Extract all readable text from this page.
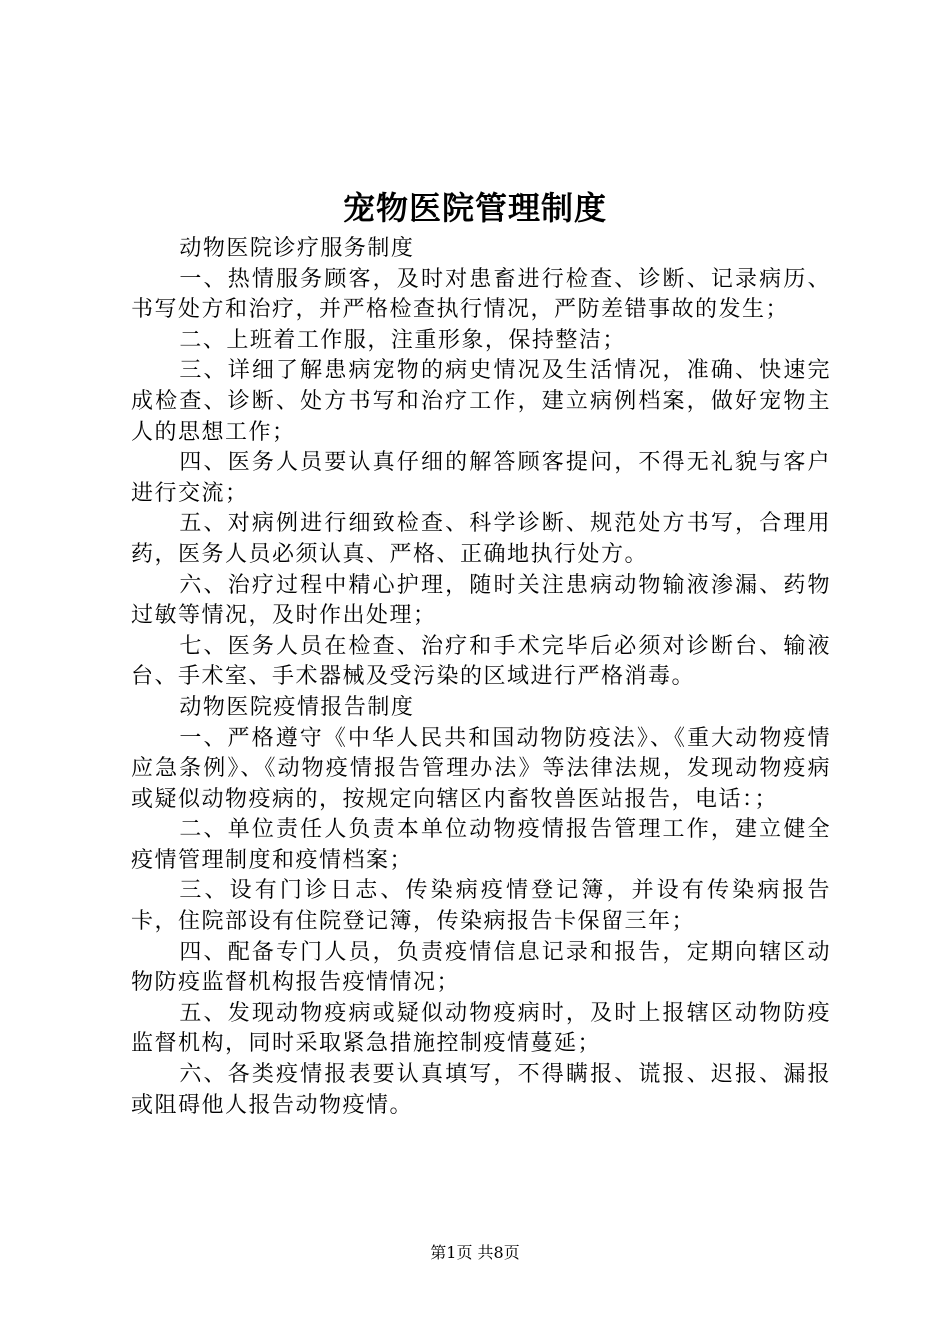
宠物医院管理制度

动物医院诊疗服务制度

一、热情服务顾客，及时对患畜进行检查、诊断、记录病历、书写处方和治疗，并严格检查执行情况，严防差错事故的发生；

二、上班着工作服，注重形象，保持整洁；

三、详细了解患病宠物的病史情况及生活情况，准确、快速完成检查、诊断、处方书写和治疗工作，建立病例档案，做好宠物主人的思想工作；

四、医务人员要认真仔细的解答顾客提问，不得无礼貌与客户进行交流；

五、对病例进行细致检查、科学诊断、规范处方书写，合理用药，医务人员必须认真、严格、正确地执行处方。

六、治疗过程中精心护理，随时关注患病动物输液渗漏、药物过敏等情况，及时作出处理；

七、医务人员在检查、治疗和手术完毕后必须对诊断台、输液台、手术室、手术器械及受污染的区域进行严格消毒。

动物医院疫情报告制度

一、严格遵守《中华人民共和国动物防疫法》、《重大动物疫情应急条例》、《动物疫情报告管理办法》等法律法规，发现动物疫病或疑似动物疫病的，按规定向辖区内畜牧兽医站报告，电话：；

二、单位责任人负责本单位动物疫情报告管理工作，建立健全疫情管理制度和疫情档案；

三、设有门诊日志、传染病疫情登记簿，并设有传染病报告卡，住院部设有住院登记簿，传染病报告卡保留三年；

四、配备专门人员，负责疫情信息记录和报告，定期向辖区动物防疫监督机构报告疫情情况；

五、发现动物疫病或疑似动物疫病时，及时上报辖区动物防疫监督机构，同时采取紧急措施控制疫情蔓延；

六、各类疫情报表要认真填写，不得瞒报、谎报、迟报、漏报或阻碍他人报告动物疫情。

第1页 共8页
